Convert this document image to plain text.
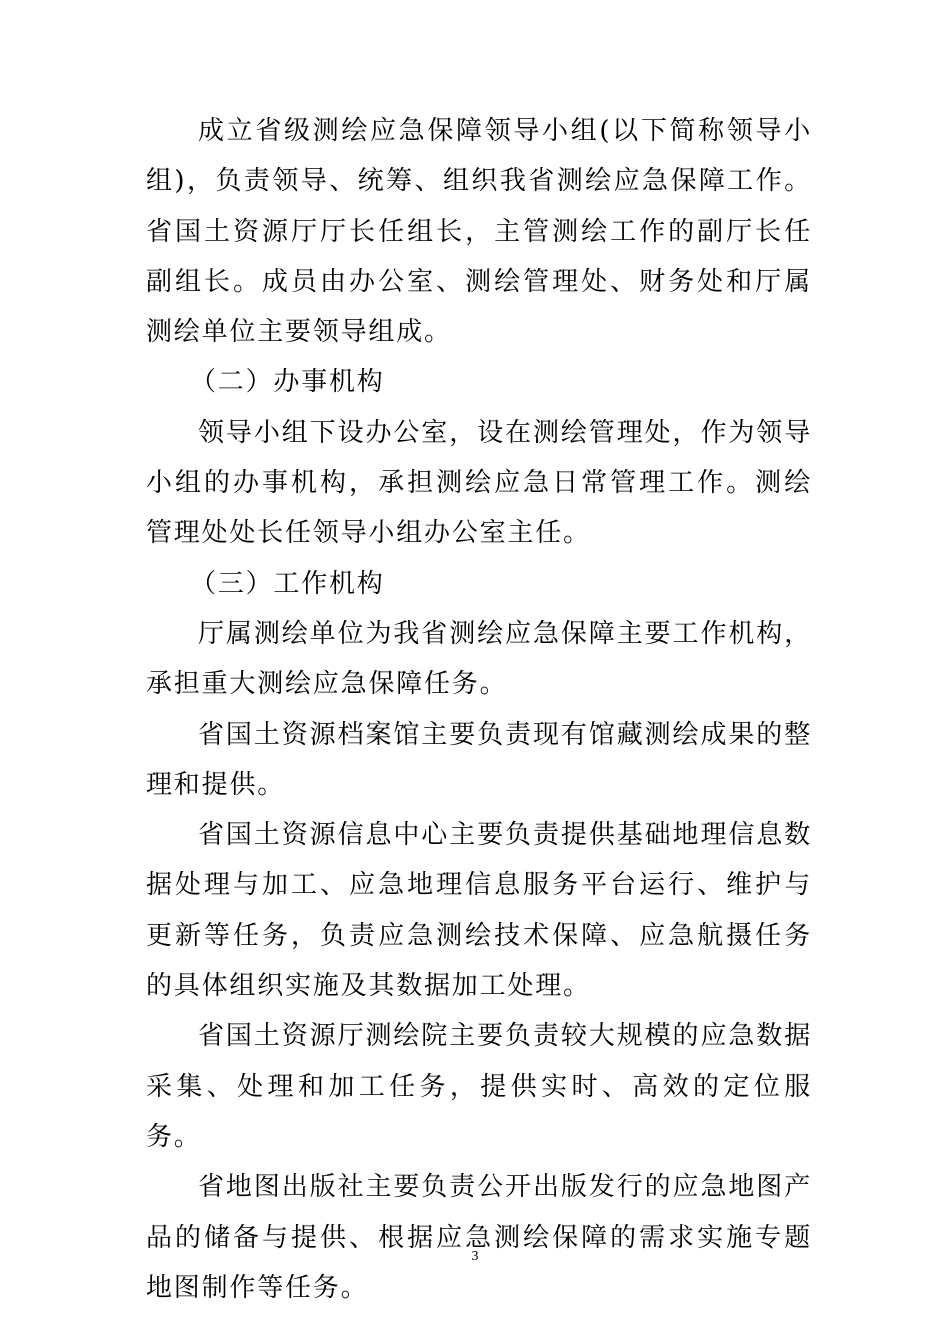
成立省级测绘应急保障领导小组(以下简称领导小组)，负责领导、统筹、组织我省测绘应急保障工作。省国土资源厅厅长任组长，主管测绘工作的副厅长任副组长。成员由办公室、测绘管理处、财务处和厅属测绘单位主要领导组成。

（二）办事机构

领导小组下设办公室，设在测绘管理处，作为领导小组的办事机构，承担测绘应急日常管理工作。测绘管理处处长任领导小组办公室主任。

（三）工作机构

厅属测绘单位为我省测绘应急保障主要工作机构，承担重大测绘应急保障任务。

省国土资源档案馆主要负责现有馆藏测绘成果的整理和提供。

省国土资源信息中心主要负责提供基础地理信息数据处理与加工、应急地理信息服务平台运行、维护与更新等任务，负责应急测绘技术保障、应急航摄任务的具体组织实施及其数据加工处理。

省国土资源厅测绘院主要负责较大规模的应急数据采集、处理和加工任务，提供实时、高效的定位服务。

省地图出版社主要负责公开出版发行的应急地图产品的储备与提供、根据应急测绘保障的需求实施专题地图制作等任务。

3
